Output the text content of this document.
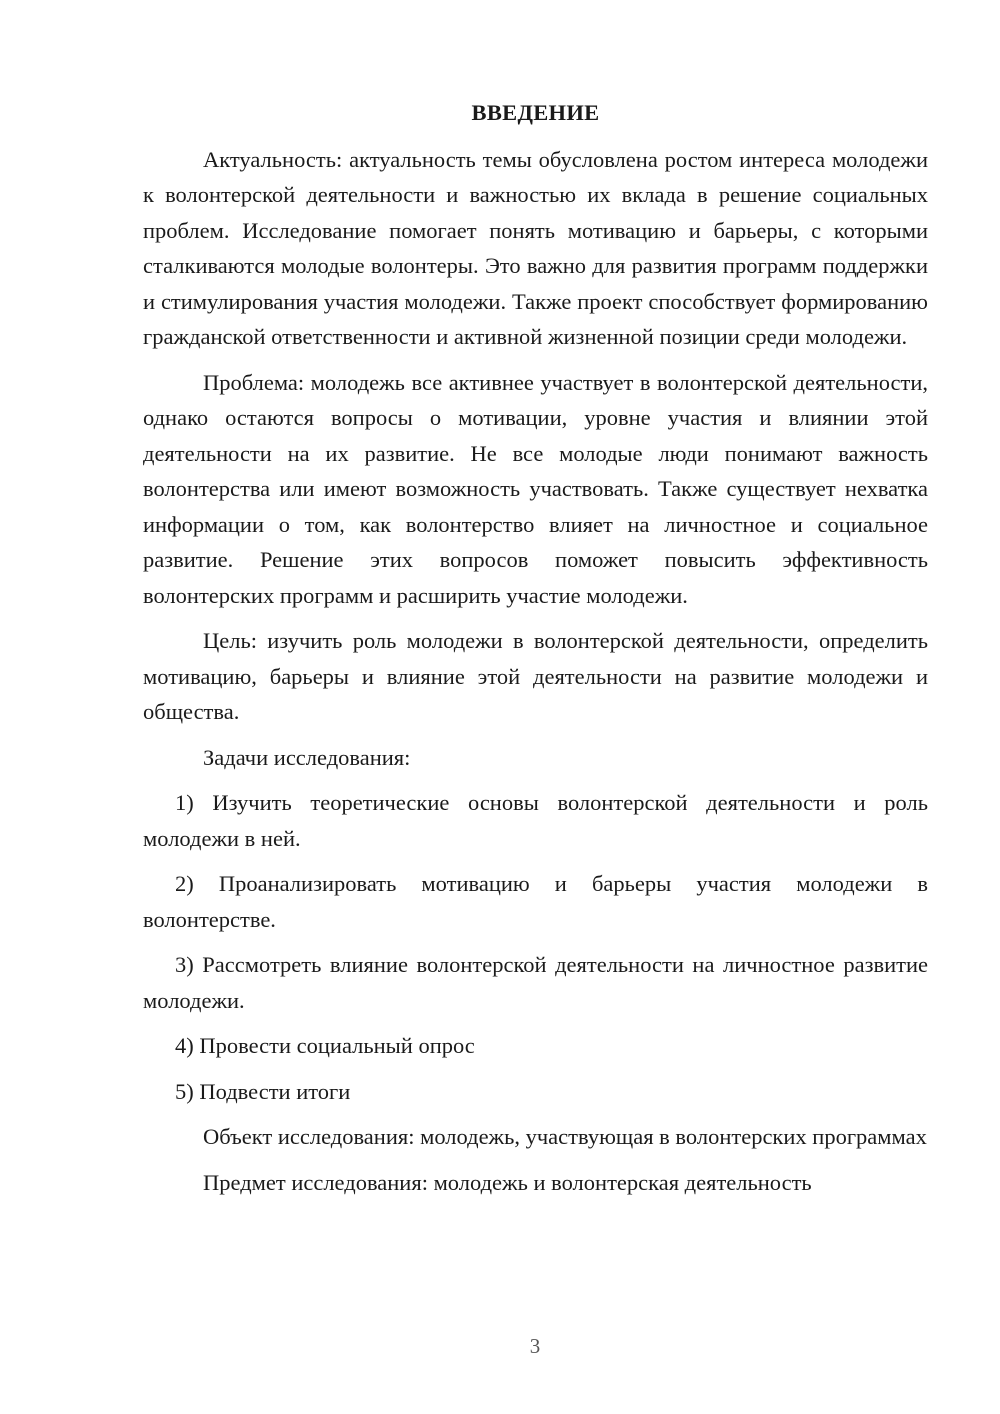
ВВЕДЕНИЕ

Актуальность: актуальность темы обусловлена ростом интереса молодежи к волонтерской деятельности и важностью их вклада в решение социальных проблем. Исследование помогает понять мотивацию и барьеры, с которыми сталкиваются молодые волонтеры. Это важно для развития программ поддержки и стимулирования участия молодежи. Также проект способствует формированию гражданской ответственности и активной жизненной позиции среди молодежи.

Проблема: молодежь все активнее участвует в волонтерской деятельности, однако остаются вопросы о мотивации, уровне участия и влиянии этой деятельности на их развитие. Не все молодые люди понимают важность волонтерства или имеют возможность участвовать. Также существует нехватка информации о том, как волонтерство влияет на личностное и социальное развитие. Решение этих вопросов поможет повысить эффективность волонтерских программ и расширить участие молодежи.

Цель: изучить роль молодежи в волонтерской деятельности, определить мотивацию, барьеры и влияние этой деятельности на развитие молодежи и общества.

Задачи исследования:

1) Изучить теоретические основы волонтерской деятельности и роль молодежи в ней.

2) Проанализировать мотивацию и барьеры участия молодежи в волонтерстве.

3) Рассмотреть влияние волонтерской деятельности на личностное развитие молодежи.

4) Провести социальный опрос

5) Подвести итоги

Объект исследования: молодежь, участвующая в волонтерских программах

Предмет исследования: молодежь и волонтерская деятельность

3
